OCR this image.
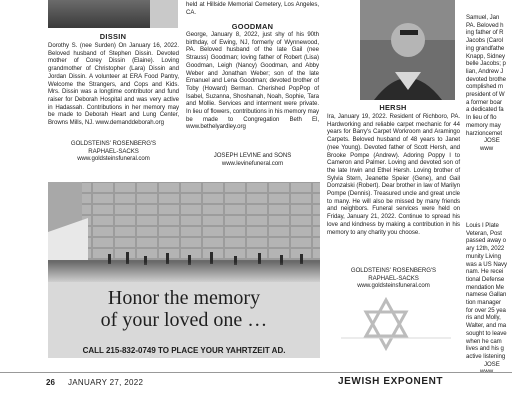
DISSIN
Dorothy S. (nee Surden) On January 16, 2022. Beloved husband of Stephen Dissin. Devoted mother of Corey Dissin (Elaine). Loving grandmother of Christopher (Lara) Dissin and Jordan Dissin. A volunteer at ERA Food Pantry, Welcome the Strangers, and Cops and Kids. Mrs. Dissin was a longtime contributor and fund raiser for Deborah Hospital and was very active in Hadassah. Contributions in her memory may be made to Deborah Heart and Lung Center, Browns Mills, NJ. www.demanddeborah.org
GOLDSTEINS' ROSENBERG'S
RAPHAEL-SACKS
www.goldsteinsfuneral.com
held at Hillside Memorial Cemetery, Los Angeles, CA.
GOODMAN
George, January 8, 2022, just shy of his 90th birthday, of Ewing, NJ, formerly of Wynnewood, PA. Beloved husband of the late Gail (nee Strauss) Goodman; loving father of Robert (Lisa) Goodman, Leigh (Nancy) Goodman, and Abby Weber and Jonathan Weber; son of the late Emanuel and Lena Goodman; devoted brother of Toby (Howard) Berman. Cherished PopPop of Isabel, Suzanna, Shoshanah, Noah, Sophie, Tara and Mollie. Services and interment were private. In lieu of flowers, contributions in his memory may be made to Congregation Beth El, www.bethelyardley.org
JOSEPH LEVINE and SONS
www.levinefuneral.com
HERSH
Ira, January 19, 2022. Resident of Richboro, PA. Hardworking and reliable carpet mechanic for 44 years for Barry's Carpet Workroom and Aramingo Carpets. Beloved husband of 48 years to Janet (nee Young). Devoted father of Scott Hersh, and Brooke Pompe (Andrew). Adoring Poppy I to Cameron and Palmer. Loving and devoted son of the late Irwin and Ethel Hersh. Loving brother of Sylvia Stern, Jeanette Speier (Gene), and Gail Domzalski (Robert). Dear brother in law of Marilyn Pompe (Dennis). Treasured uncle and great uncle to many. He will also be missed by many friends and neighbors. Funeral services were held on Friday, January 21, 2022. Continue to spread his love and kindness by making a contribution in his memory to any charity you choose.
GOLDSTEINS' ROSENBERG'S
RAPHAEL-SACKS
www.goldsteinsfuneral.com
Samuel, Jan
PA. Beloved h
ing father of R
Jacobs (Carol
ing grandfathe
Knapp, Sidney
belle Jacobs; p
lian, Andrew J
devoted brothe
complished m
president of W
a former boar
a dedicated fa
In lieu of flo
memory may
harzioncemet
JOSE
www
Louis I Plate
Veteran, Post
passed away o
ary 12th, 2022
munity Living
was a US Navy
nam. He recei
tional Defense
mendation Me
namese Gallan
tion manager
for over 25 yea
ris and Molly,
Walter, and ma
sought to leave
when he cam
lives and his g
active listening
JOSE
www
Honor the memory
of your loved one …
CALL 215-832-0749 TO PLACE YOUR YAHRTZEIT AD.
26 JANUARY 27, 2022	JEWISH EXPONENT
